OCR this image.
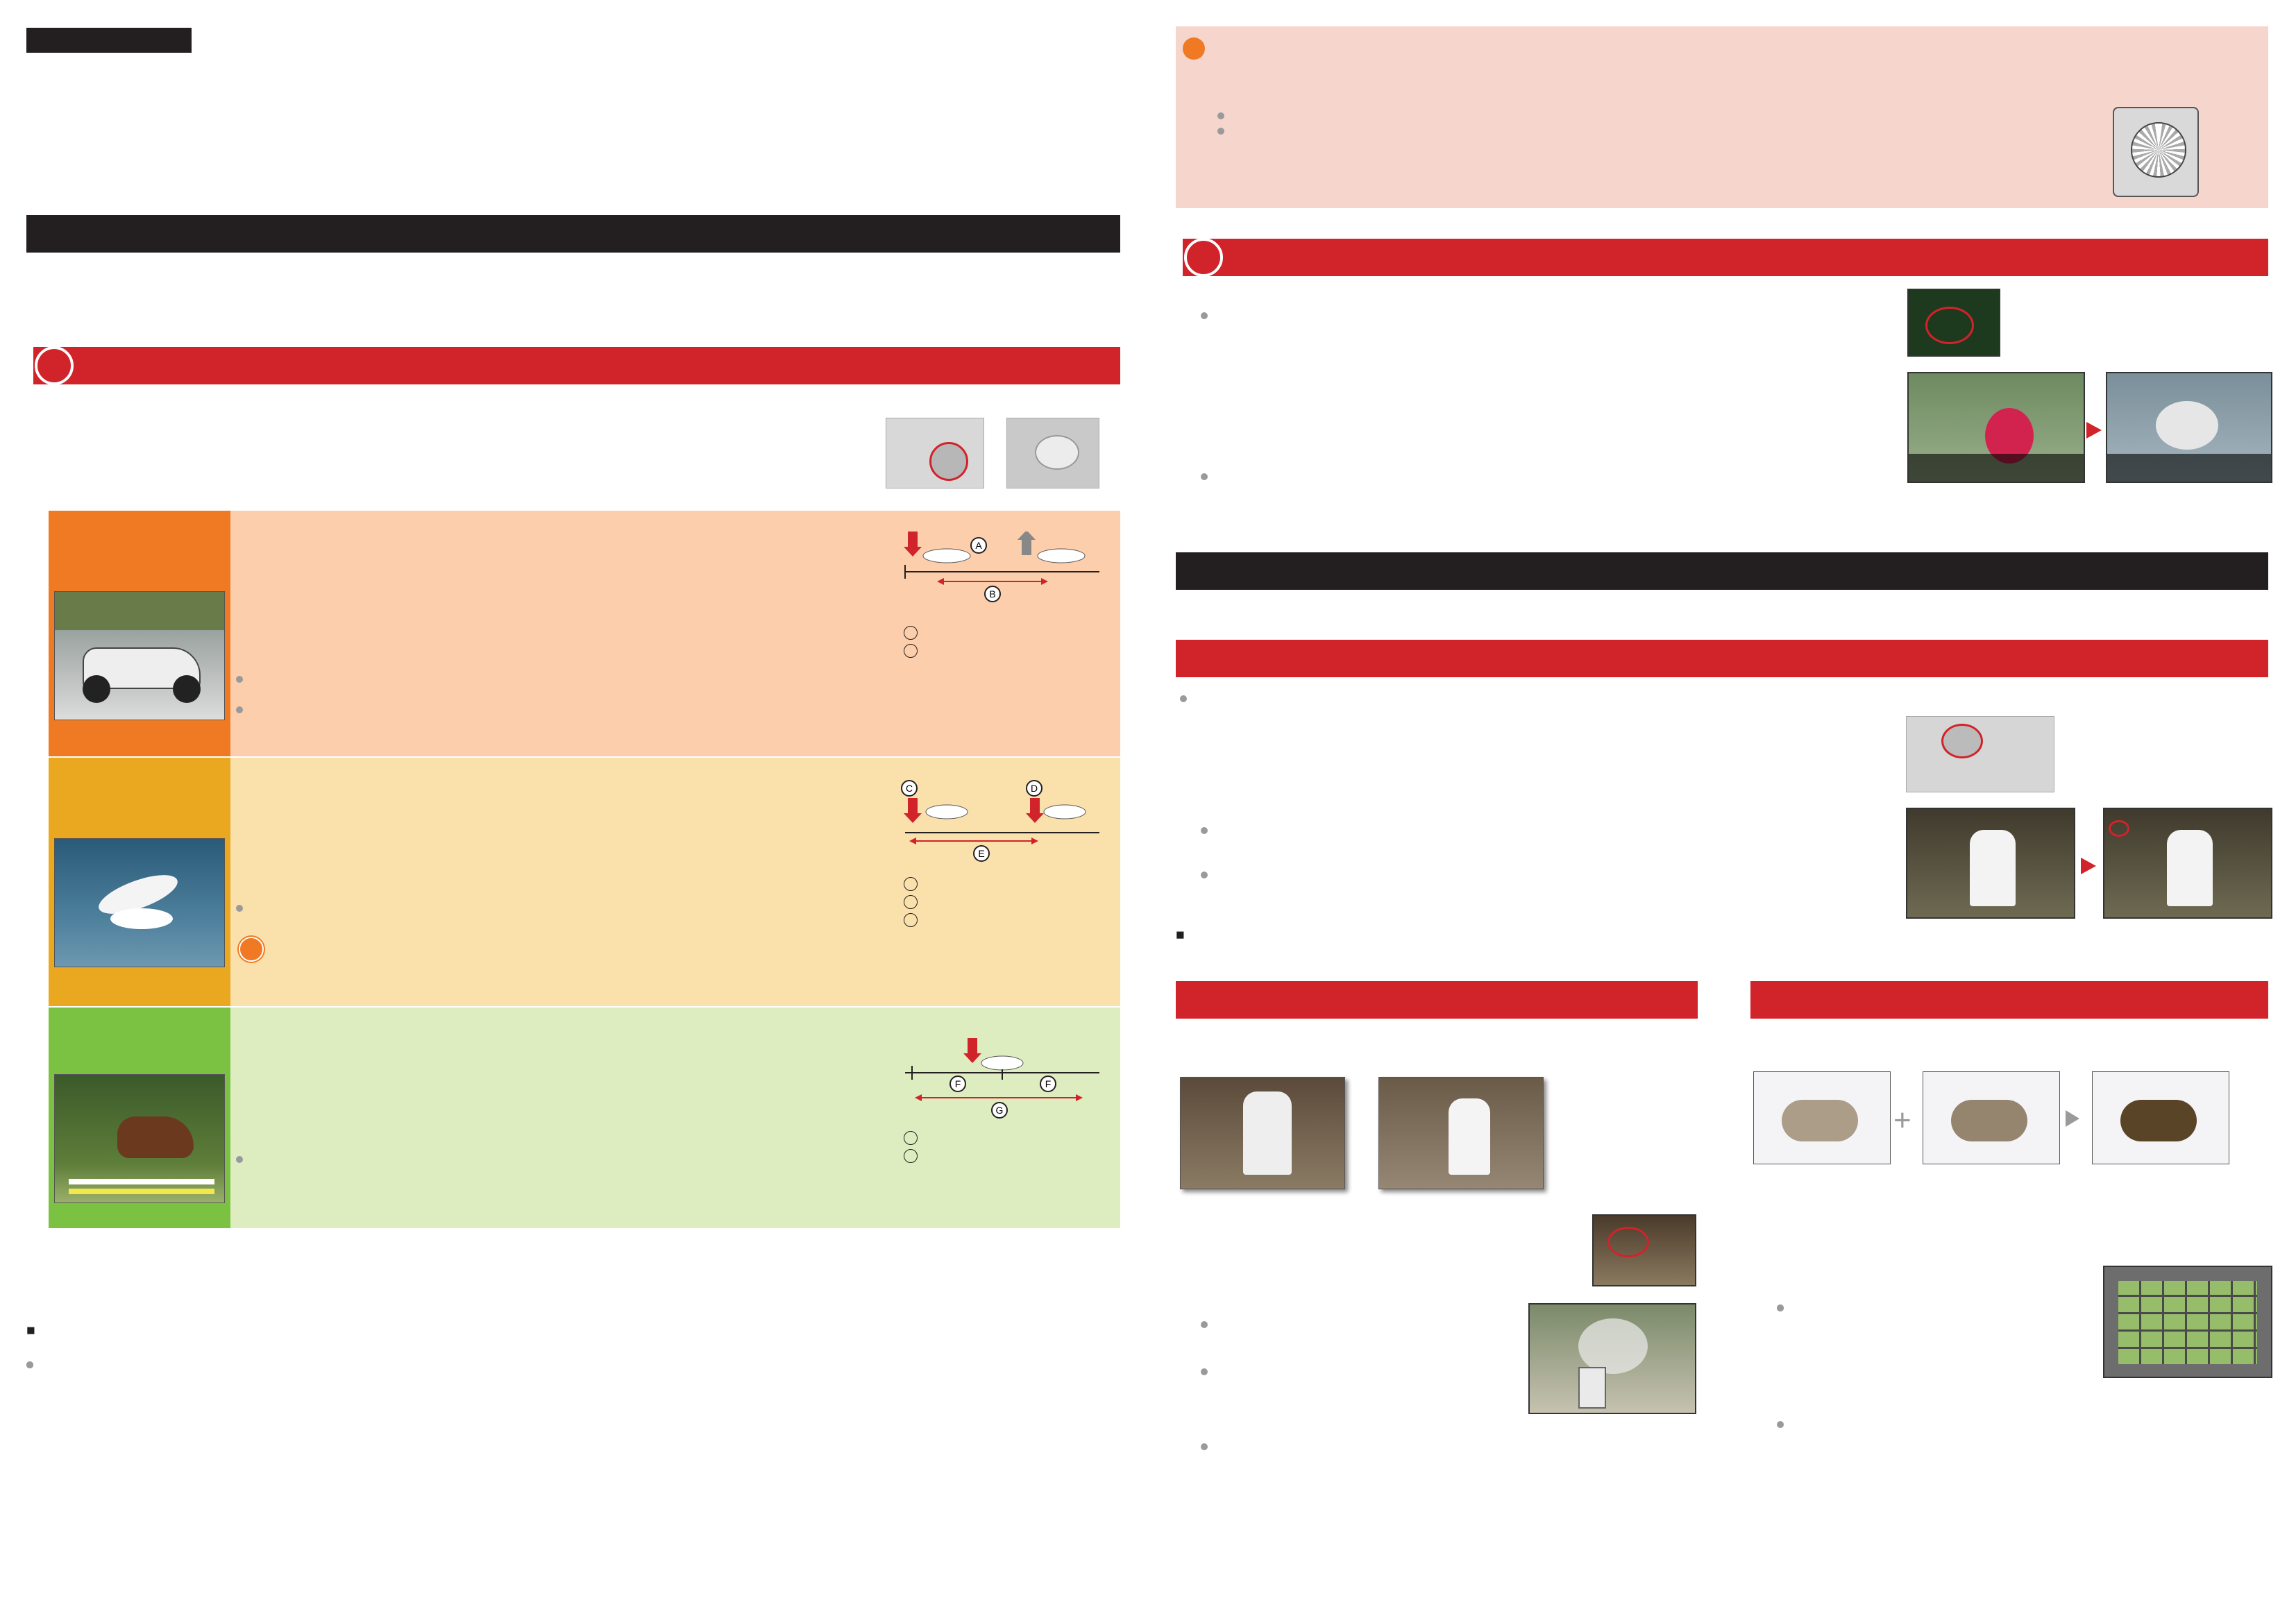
A
B
C	D
E
F	F
G
■
■
+
